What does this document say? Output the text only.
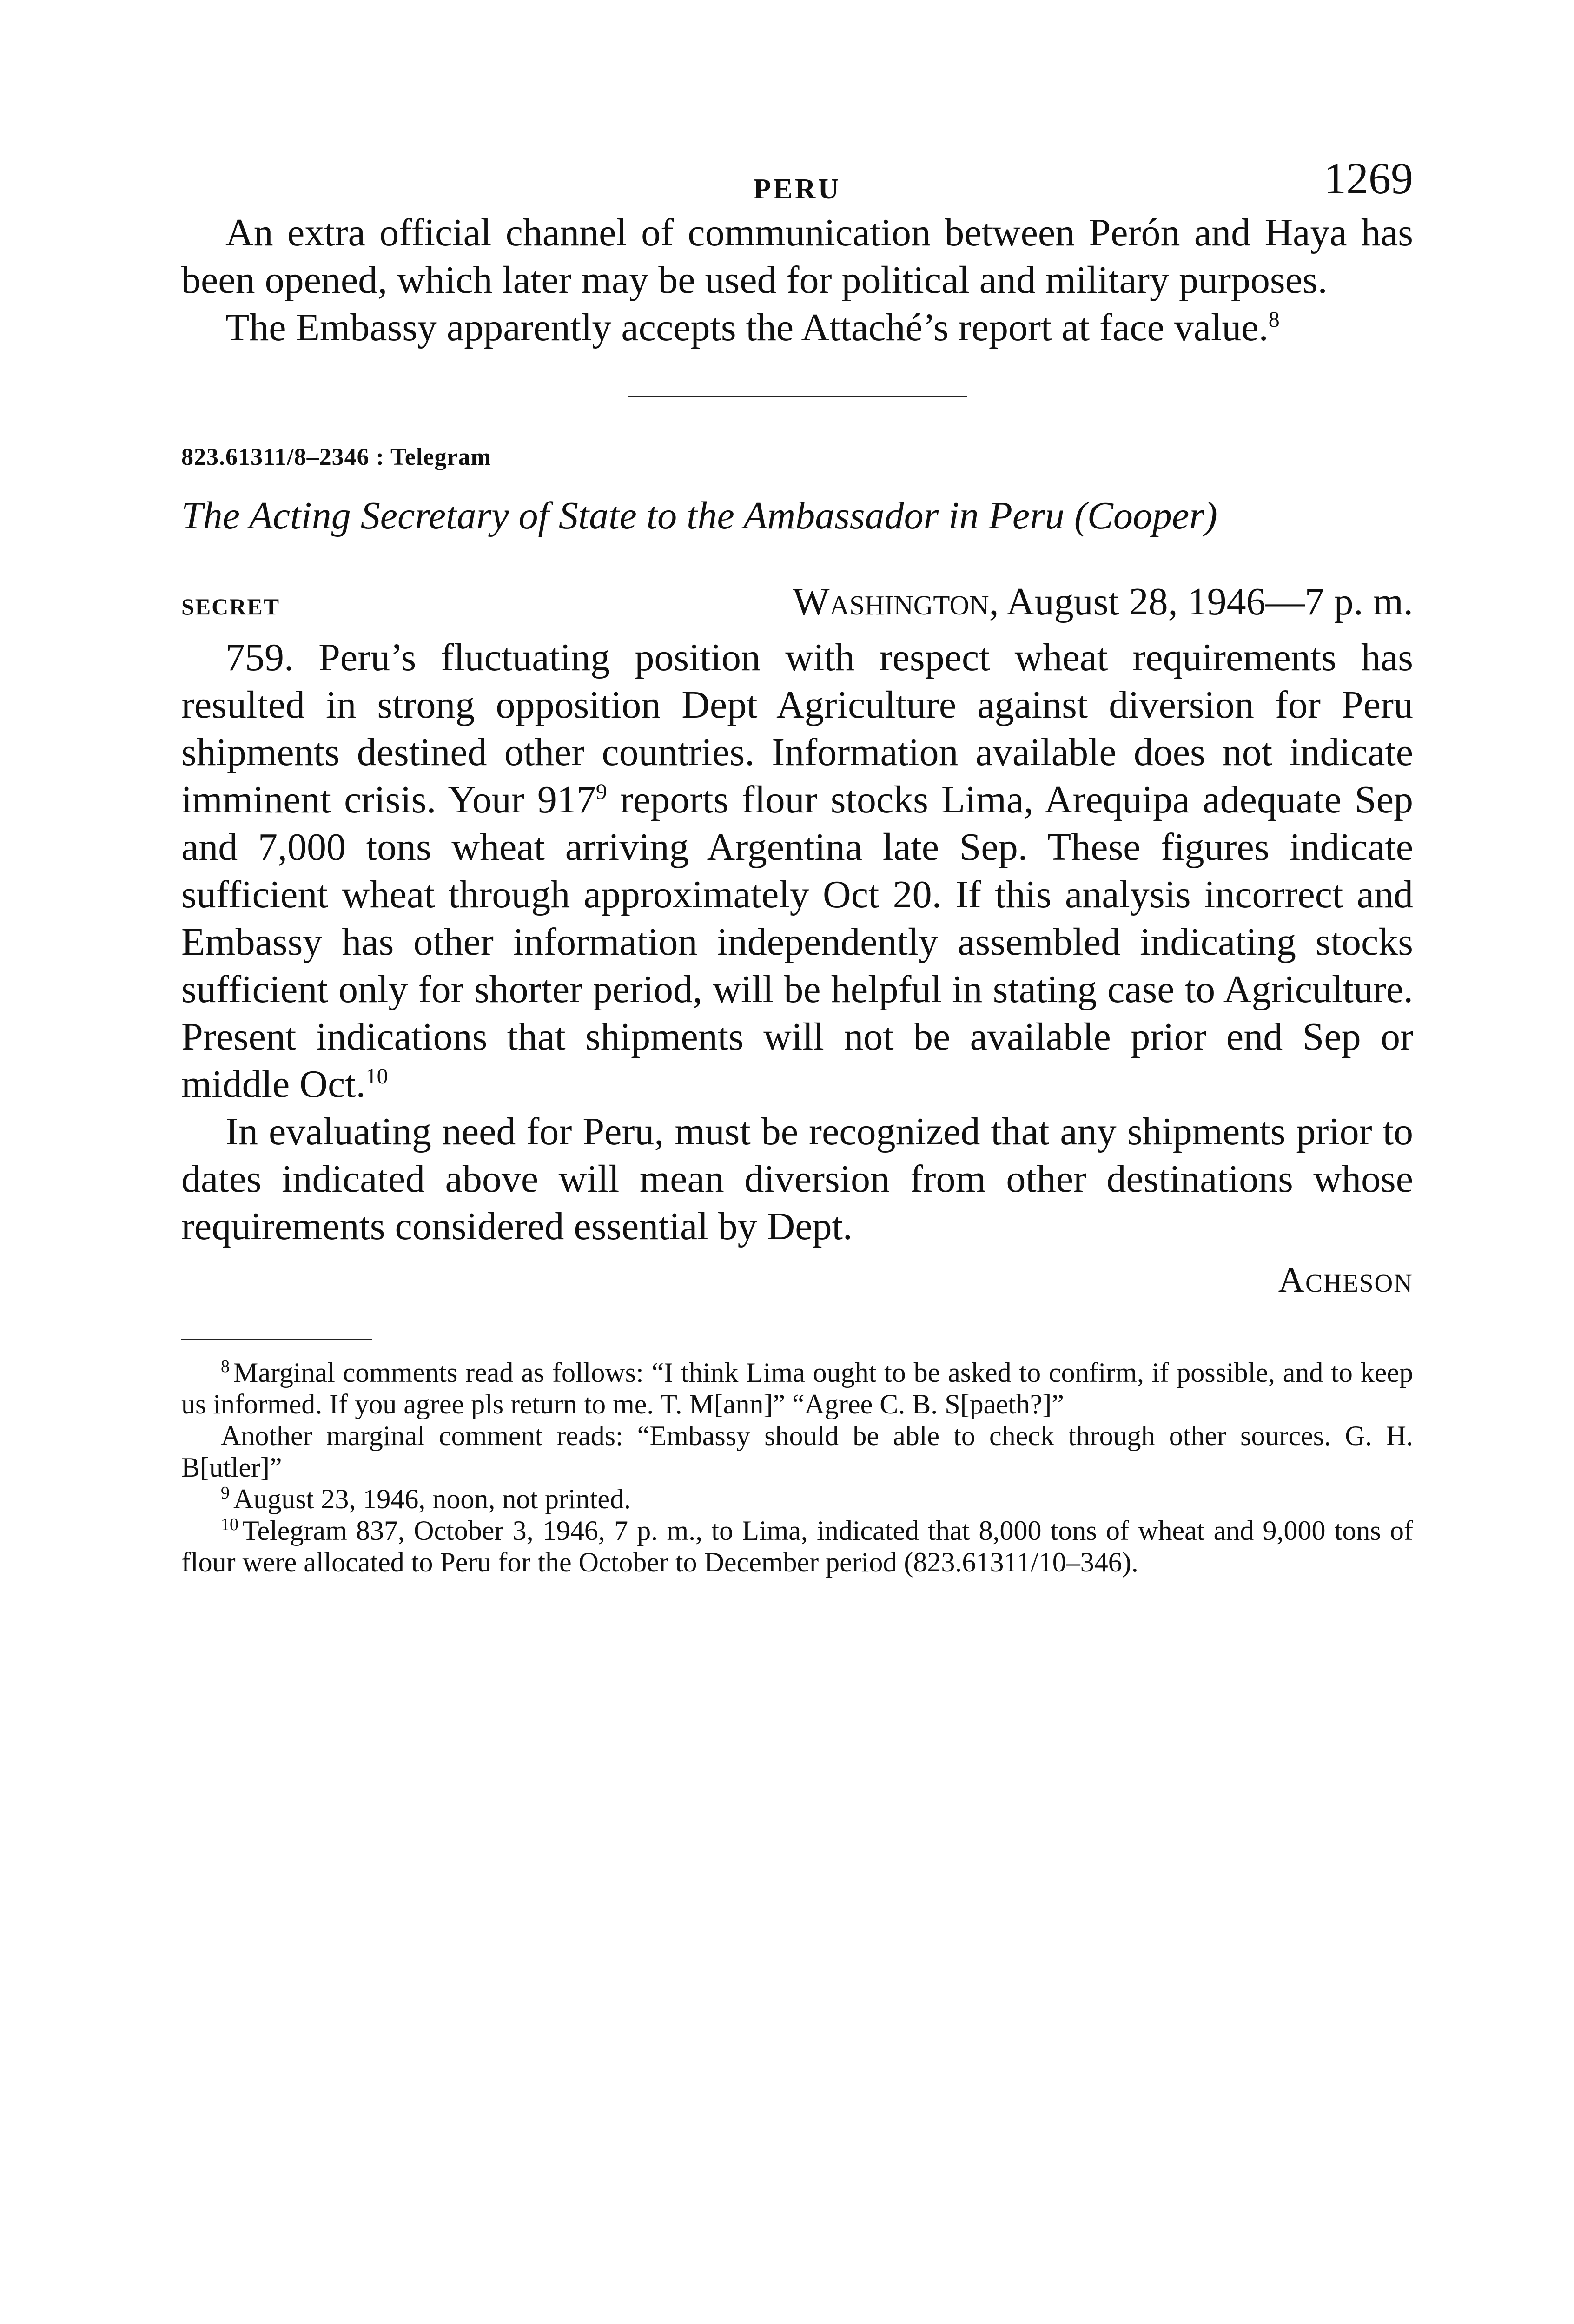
PERU	1269

An extra official channel of communication between Perón and Haya has been opened, which later may be used for political and military purposes.

The Embassy apparently accepts the Attaché’s report at face value.$^8$

823.61311/8–2346 : Telegram
The Acting Secretary of State to the Ambassador in Peru (Cooper)
SECRET	Washington, August 28, 1946—7 p. m.

759. Peru’s fluctuating position with respect wheat requirements has resulted in strong opposition Dept Agriculture against diversion for Peru shipments destined other countries. Information available does not indicate imminent crisis. Your $917^9$ reports flour stocks Lima, Arequipa adequate Sep and 7,000 tons wheat arriving Argentina late Sep. These figures indicate sufficient wheat through approximately Oct 20. If this analysis incorrect and Embassy has other information independently assembled indicating stocks sufficient only for shorter period, will be helpful in stating case to Agriculture. Present indications that shipments will not be available prior end Sep or middle Oct.$^{10}$

In evaluating need for Peru, must be recognized that any shipments prior to dates indicated above will mean diversion from other destinations whose requirements considered essential by Dept.

Acheson

$^8$ Marginal comments read as follows: “I think Lima ought to be asked to confirm, if possible, and to keep us informed. If you agree pls return to me. T. M[ann]” “Agree C. B. S[paeth?]”

Another marginal comment reads: “Embassy should be able to check through other sources. G. H. B[utler]”

$^9$ August 23, 1946, noon, not printed.

$^{10}$ Telegram 837, October 3, 1946, 7 p. m., to Lima, indicated that 8,000 tons of wheat and 9,000 tons of flour were allocated to Peru for the October to December period (823.61311/10–346).
